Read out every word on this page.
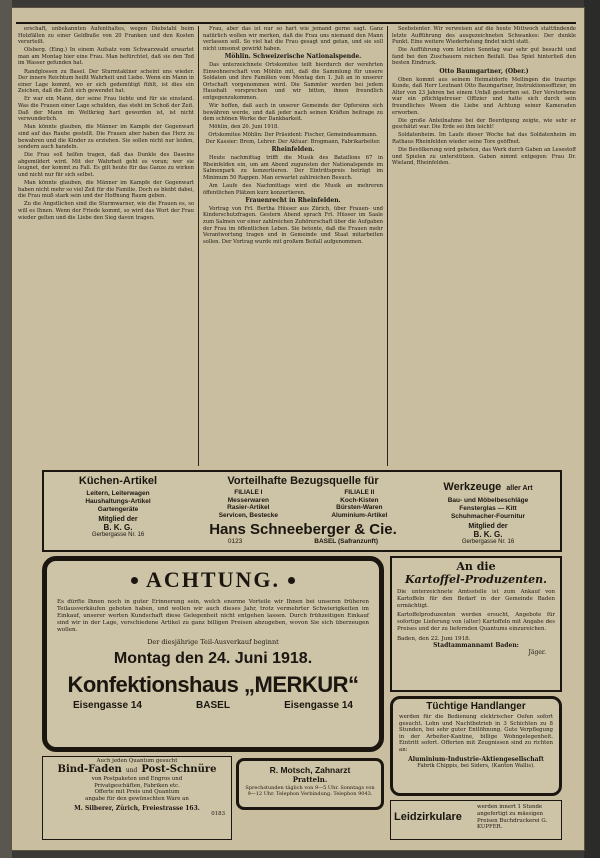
erschaft, unbekannten Aufenthaltes, wegen Diebstahl beim Holzfällen zu einer Geldbuße von 20 Franken und den Kosten verurteilt.

Olsberg. (Eing.) In einem Aufsatz vom Schwarzwald erwartet man am Montag hier eine Frau. Man befürchtet, daß sie den Tod im Wasser gefunden hat.

Randglossen zu Basel. Der Sturmtaktner scheint uns wieder. Der innere Reichtum heißt Wahrheit und Liebe. Wenn ein Mann in einer Lage kommt, wo er sich gedemütigt fühlt, ist dies ein Zeichen, daß die Zeit sich gewendet hat.

Er war ein Mann, der seine Frau liebte und für sie einstand. Was die Frauen einer Lage schulden, das steht im Schoß der Zeit. Daß der Mann im Weltkrieg hart geworden ist, ist nicht verwunderlich.

Man könnte glauben, die Männer im Kampfe der Gegenwart sind auf das Rauhe gestellt. Die Frauen aber haben das Herz zu bewahren und die Kinder zu erziehen. Sie sollen nicht nur leiden, sondern auch handeln.

Die Frau soll helfen tragen, daß das Dunkle des Daseins abgemildert wird. Mit der Wahrheit geht es voran; wer sie leugnet, der kommt zu Fall. Es gilt heute für das Ganze zu wirken und nicht nur für sich selbst.

Man könnte glauben, die Männer im Kampfe der Gegenwart haben nicht mehr so viel Zeit für die Familie. Doch es bleibt dabei, die Frau muß stark sein und der Hoffnung Raum geben.

Zu die Angstlichen sind die Sturmwarner, wie die Frauen es, so will es Ihnen. Wenn der Friede kommt, so wird das Wort der Frau wieder gelten und die Liebe den Sieg davon tragen.

Frau, aber das ist nur so hart wie jemand gerne sagt. Ganz natürlich wollen wir merken, daß die Frau uns niemand den Mann verlassen soll. So viel hat die Frau gesagt und getan, und sie soll nicht umsonst gewirkt haben.

Möhlin. Schweizerische Nationalspende.

Das unterzeichnete Ortskomitee teilt hierdurch der verehrten Einwohnerschaft von Möhlin mit, daß die Sammlung für unsere Soldaten und ihre Familien vom Montag den 1. Juli an in unserer Ortschaft vorgenommen wird. Die Sammler werden bei jedem Haushalt vorsprechen und wir bitten, ihnen freundlich entgegenzukommen.

Wir hoffen, daß auch in unserer Gemeinde der Opfersinn sich bewähren werde, und daß jeder nach seinen Kräften beitrage zu dem schönen Werke der Dankbarkeit.

Möhlin, den 20. Juni 1918.

Ortskomitee Möhlin: Der Präsident: Fischer, Gemeindeammann. Der Kassier: Brem, Lehrer. Der Aktuar: Brogmann, Fabrikarbeiter.

Rheinfelden.

Heute nachmittag trifft die Musik des Bataillons 67 in Rheinfelden ein, um am Abend zugunsten der Nationalspende im Salmenpark zu konzertieren. Der Eintrittspreis beträgt im Minimum 50 Rappen. Man erwartet zahlreichen Besuch.

Am Laufe des Nachmittags wird die Musik an mehreren öffentlichen Plätzen kurz konzertieren.

Frauenrecht in Rheinfelden.

Vortrag von Frl. Bertha Hüsser aus Zürich, über Frauen- und Kinderschutzfragen. Gestern Abend sprach Frl. Hüsser im Saale zum Salmen vor einer zahlreichen Zuhörerschaft über die Aufgaben der Frau im öffentlichen Leben. Sie betonte, daß die Frauen mehr Verantwortung tragen und in Gemeinde und Staat mitarbeiten sollen. Der Vortrag wurde mit großem Beifall aufgenommen.

Seebstenter. Wir verweisen auf die heute Mittwoch stattfindende letzte Aufführung des ausgezeichneten Schwankes: Der dunkle Punkt. Eine weitere Wiederholung findet nicht statt.

Die Aufführung vom letzten Sonntag war sehr gut besucht und fand bei den Zuschauern reichen Beifall. Das Spiel hinterließ den besten Eindruck.

Otto Baumgartner, (Ober.)

Oben kommt aus seinem Heimatdorfe Mellingen die traurige Kunde, daß Herr Leutnant Otto Baumgartner, Instruktionsoffizier, im Alter von 23 Jahren bei einem Unfall gestorben sei. Der Verstorbene war ein pflichtgetreuer Offizier und hatte sich durch sein freundliches Wesen die Liebe und Achtung seiner Kameraden erworben.

Die große Anteilnahme bei der Beerdigung zeigte, wie sehr er geschätzt war. Die Erde sei ihm leicht!

Soldatenheim. Im Laufe dieser Woche hat das Soldatenheim im Rathaus Rheinfelden wieder seine Tore geöffnet.

Die Bevölkerung wird gebeten, das Werk durch Gaben an Lesestoff und Spielen zu unterstützen. Gaben nimmt entgegen: Frau Dr. Wieland, Rheinfelden.

Küchen-Artikel
Leitern, Leiterwagen
Haushaltungs-Artikel
Gartengeräte
Mitglied der
B. K. G.
Gerbergasse Nr. 16
Vorteilhafte Bezugsquelle für
FILIALE I
Messerwaren
Rasier-Artikel
Servicen, Bestecke
FILIALE II
Koch-Kisten
Bürsten-Waren
Aluminium-Artikel
Hans Schneeberger & Cie.
0123	BASEL (Safranzunft)
Werkzeuge aller Art
Bau- und Möbelbeschläge
Fensterglas — Kitt
Schuhmacher-Fournitur
Mitglied der
B. K. G.
Gerbergasse Nr. 16
ACHTUNG.
Es dürfte Ihnen noch in guter Erinnerung sein, welch enorme Vorteile wir Ihnen bei unseren früheren Teilausverkäufen geboten haben, und wollen wir auch dieses Jahr, trotz vermehrter Schwierigkeiten im Einkauf, unserer werten Kundschaft diese Gelegenheit nicht entgehen lassen. Durch frühzeitigen Einkauf sind wir in der Lage, verschiedene Artikel zu ganz billigen Preisen abzugeben, wovon Sie sich überzeugen wollen.
Der diesjährige Teil-Ausverkauf beginnt
Montag den 24. Juni 1918.
Konfektionshaus „MERKUR“
Eisengasse 14	BASEL	Eisengasse 14
An die
Kartoffel-Produzenten.
Die unterzeichnete Amtsstelle ist zum Ankauf von Kartoffeln für den Bedarf in der Gemeinde Baden ermächtigt.
Kartoffelproduzenten werden ersucht, Angebote für sofortige Lieferung von (alter) Kartoffeln mit Angabe des Preises und der zu liefernden Quantums einzureichen.
Baden, den 22. Juni 1918.
Stadtammannamt Baden:
Jäger.
Tüchtige Handlanger
werden für die Bedienung elektrischer Oefen sofort gesucht. Lohn und Nachtbetrieb in 3 Schichten zu 8 Stunden, bei sehr guter Entlöhnung. Gute Verpflegung in der Arbeiter-Kantine, billige Wohngelegenheit. Eintritt sofort. Offerten mit Zeugnissen sind zu richten an:
Aluminium-Industrie-Aktiengesellschaft
Fabrik Chippis, bei Siders, (Kanton Wallis).
Auch jeden Quantum gesucht
Bind-Faden und Post-Schnüre
von Postpaketen und Engros und
Privatgeschäften, Fabriken etc.
Offerte mit Preis und Quantum
angabe für den gewünschten Ware an
0183
M. Silberer, Zürich, Freiestrasse 163.
R. Motsch, Zahnarzt
Pratteln.
Sprechstunden täglich von 9—5 Uhr. Sonntags von 9—12 Uhr. Telephon Verbindung. Telephon 9043.
Leidzirkulare
werden innert 1 Stunde angefertigt zu mässigen Preisen Buchdruckerei G. KUPFER.
